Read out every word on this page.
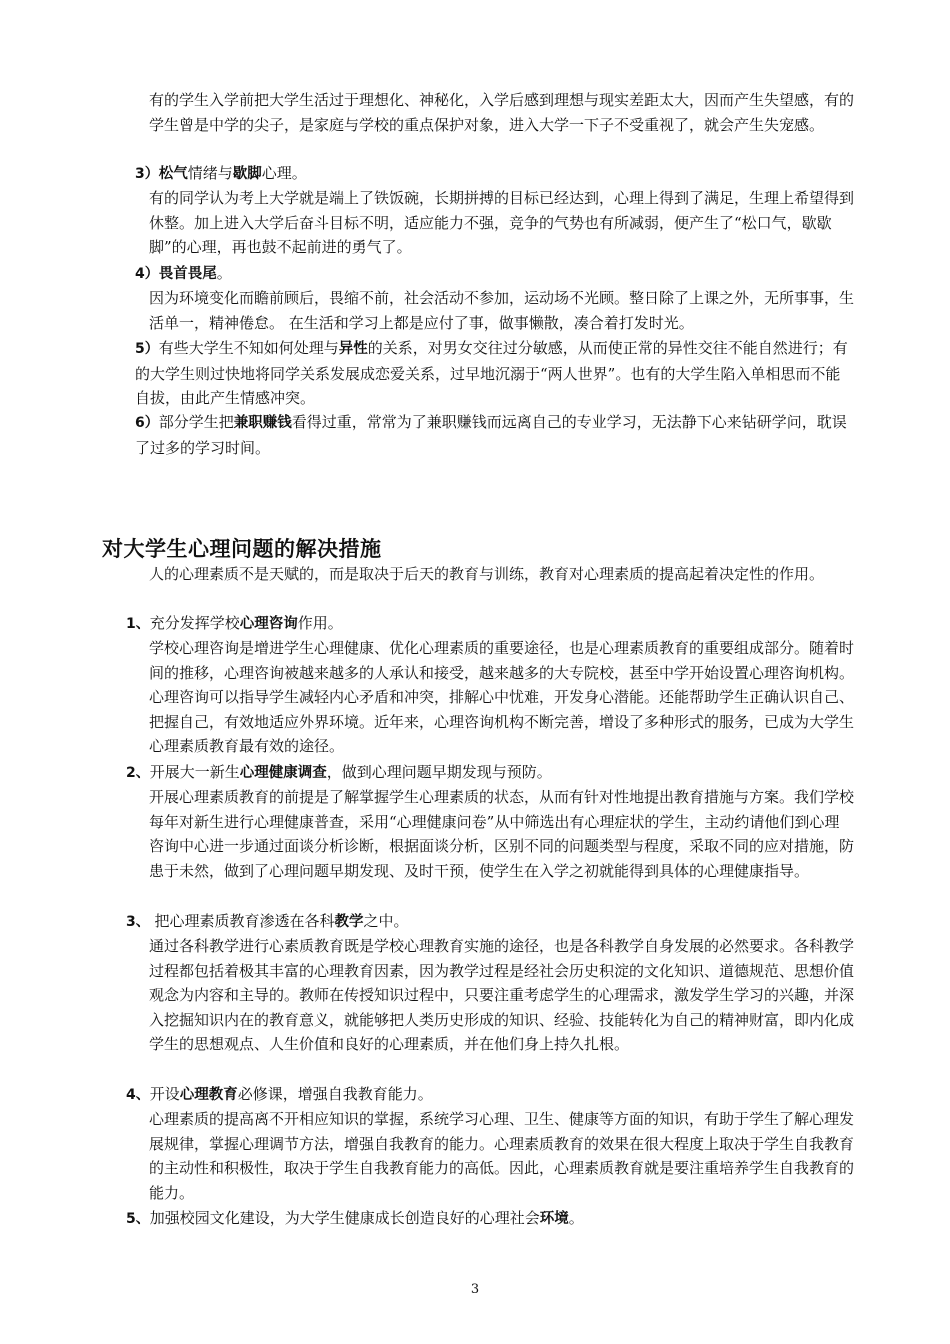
有的学生入学前把大学生活过于理想化、神秘化，入学后感到理想与现实差距太大，因而产生失望感，有的学生曾是中学的尖子，是家庭与学校的重点保护对象，进入大学一下子不受重视了，就会产生失宠感。

3）松气情绪与歇脚心理。

有的同学认为考上大学就是端上了铁饭碗，长期拼搏的目标已经达到，心理上得到了满足，生理上希望得到休整。加上进入大学后奋斗目标不明，适应能力不强，竞争的气势也有所减弱，便产生了“松口气，歇歇脚”的心理，再也鼓不起前进的勇气了。

4）畏首畏尾。

因为环境变化而瞻前顾后，畏缩不前，社会活动不参加，运动场不光顾。整日除了上课之外，无所事事，生活单一，精神倦怠。 在生活和学习上都是应付了事，做事懒散，凑合着打发时光。

5）有些大学生不知如何处理与异性的关系，对男女交往过分敏感，从而使正常的异性交往不能自然进行；有的大学生则过快地将同学关系发展成恋爱关系，过早地沉溺于“两人世界”。也有的大学生陷入单相思而不能自拔，由此产生情感冲突。

6）部分学生把兼职赚钱看得过重，常常为了兼职赚钱而远离自己的专业学习，无法静下心来钻研学问，耽误了过多的学习时间。

对大学生心理问题的解决措施

人的心理素质不是天赋的，而是取决于后天的教育与训练，教育对心理素质的提高起着决定性的作用。

1、充分发挥学校心理咨询作用。

学校心理咨询是增进学生心理健康、优化心理素质的重要途径，也是心理素质教育的重要组成部分。随着时间的推移，心理咨询被越来越多的人承认和接受，越来越多的大专院校，甚至中学开始设置心理咨询机构。心理咨询可以指导学生减轻内心矛盾和冲突，排解心中忧难，开发身心潜能。还能帮助学生正确认识自己、把握自己，有效地适应外界环境。近年来，心理咨询机构不断完善，增设了多种形式的服务，已成为大学生心理素质教育最有效的途径。

2、开展大一新生心理健康调查，做到心理问题早期发现与预防。

开展心理素质教育的前提是了解掌握学生心理素质的状态，从而有针对性地提出教育措施与方案。我们学校每年对新生进行心理健康普查，采用“心理健康问卷”从中筛选出有心理症状的学生，主动约请他们到心理咨询中心进一步通过面谈分析诊断，根据面谈分析，区别不同的问题类型与程度，采取不同的应对措施，防患于未然，做到了心理问题早期发现、及时干预，使学生在入学之初就能得到具体的心理健康指导。

3、 把心理素质教育渗透在各科教学之中。

通过各科教学进行心素质教育既是学校心理教育实施的途径，也是各科教学自身发展的必然要求。各科教学过程都包括着极其丰富的心理教育因素，因为教学过程是经社会历史积淀的文化知识、道德规范、思想价值观念为内容和主导的。教师在传授知识过程中，只要注重考虑学生的心理需求，激发学生学习的兴趣，并深入挖掘知识内在的教育意义，就能够把人类历史形成的知识、经验、技能转化为自己的精神财富，即内化成学生的思想观点、人生价值和良好的心理素质，并在他们身上持久扎根。

4、开设心理教育必修课，增强自我教育能力。

心理素质的提高离不开相应知识的掌握，系统学习心理、卫生、健康等方面的知识，有助于学生了解心理发展规律，掌握心理调节方法，增强自我教育的能力。心理素质教育的效果在很大程度上取决于学生自我教育的主动性和积极性，取决于学生自我教育能力的高低。因此，心理素质教育就是要注重培养学生自我教育的能力。

5、加强校园文化建设，为大学生健康成长创造良好的心理社会环境。

3
